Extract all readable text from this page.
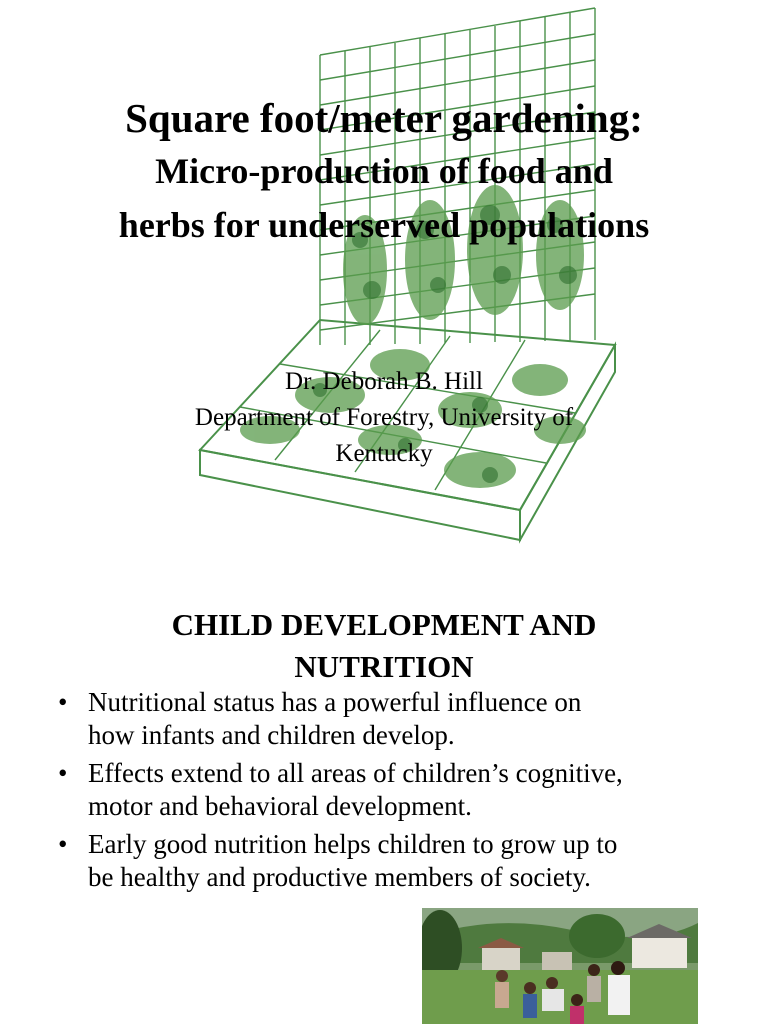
Square foot/meter gardening:

Micro-production of food and

herbs for underserved populations

Dr. Deborah B. Hill
Department of Forestry, University of
Kentucky
CHILD DEVELOPMENT AND
NUTRITION
• Nutritional status has a powerful influence on
how infants and children develop.
• Effects extend to all areas of children’s cognitive,
motor and behavioral development.
• Early good nutrition helps children to grow up to
be healthy and productive members of society.
